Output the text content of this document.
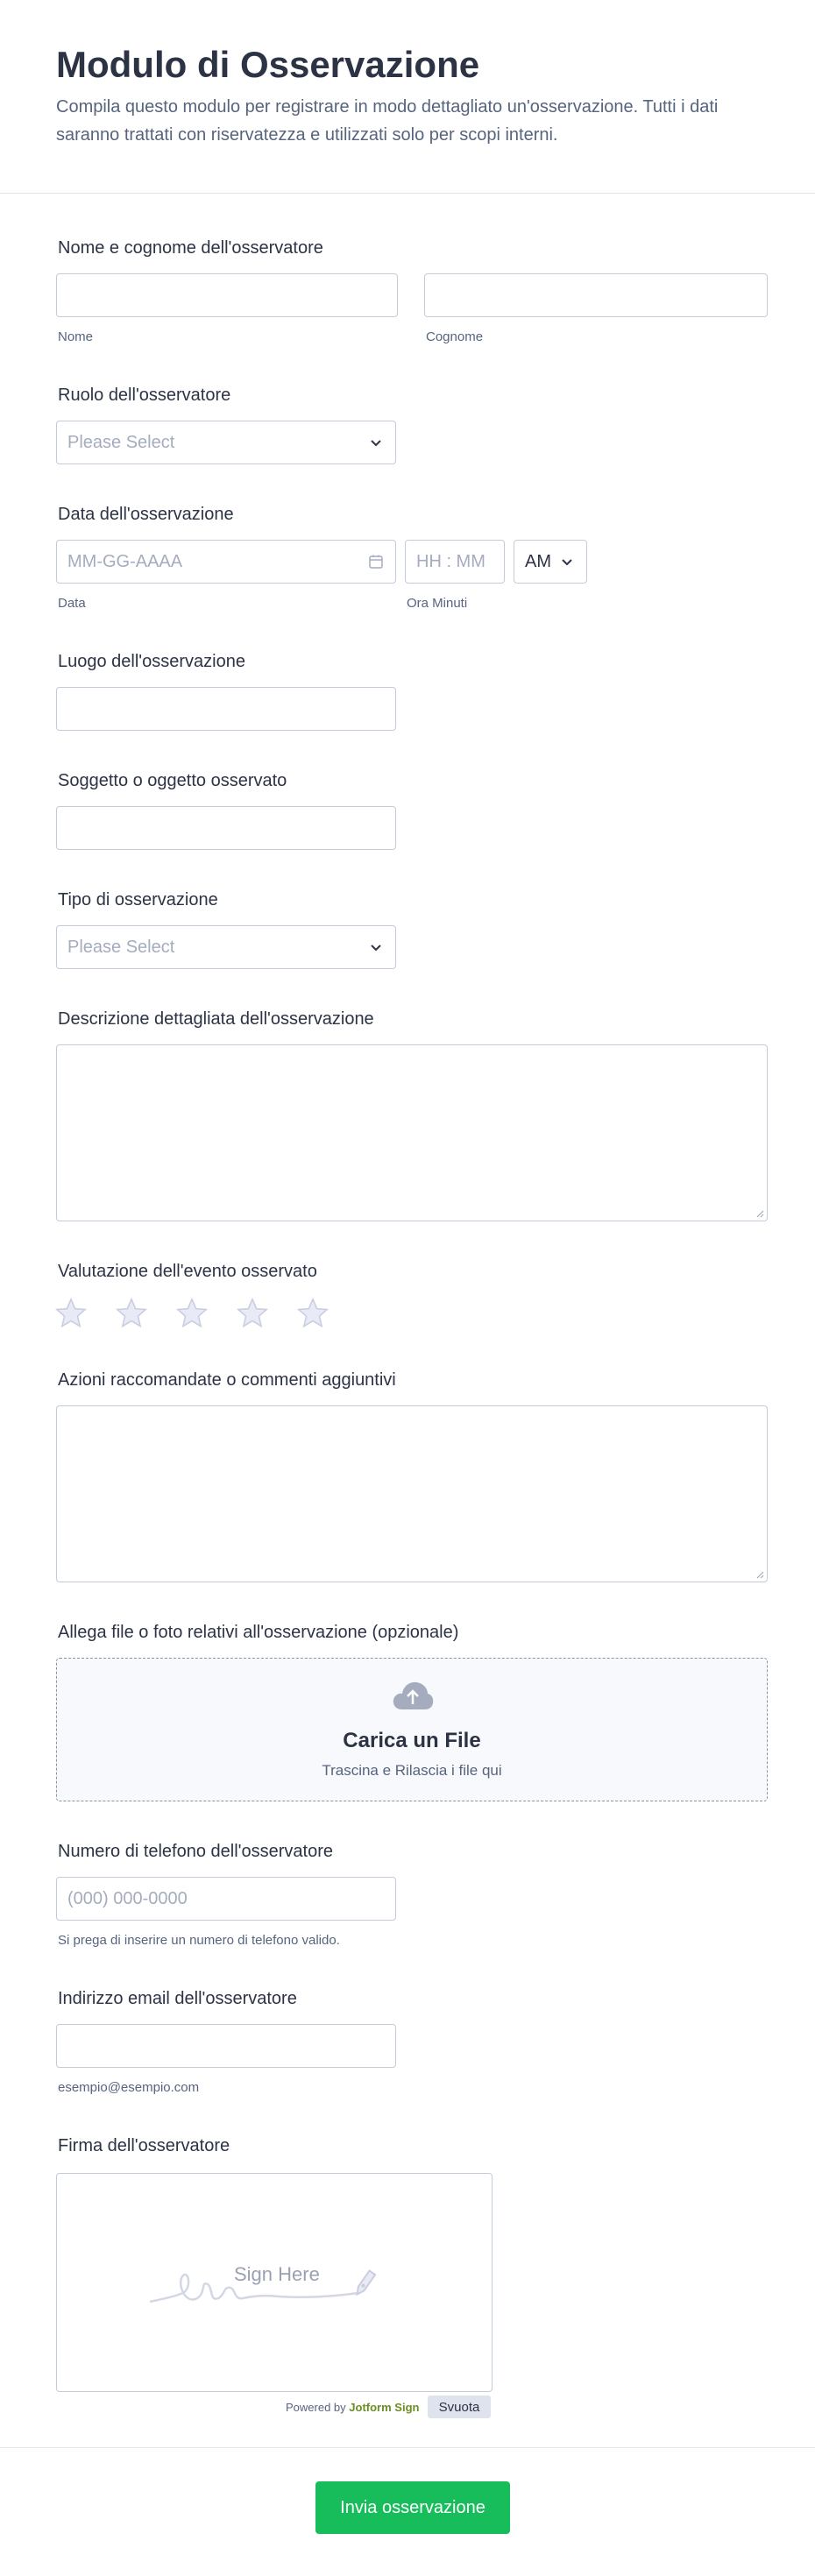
Modulo di Osservazione

Compila questo modulo per registrare in modo dettagliato un'osservazione. Tutti i dati saranno trattati con riservatezza e utilizzati solo per scopi interni.

Nome e cognome dell'osservatore
Nome	Cognome
Ruolo dell'osservatore
Please Select
Data dell'osservazione
MM-GG-AAAA
HH : MM
AM
Data	Ora Minuti
Luogo dell'osservazione
Soggetto o oggetto osservato
Tipo di osservazione
Please Select
Descrizione dettagliata dell'osservazione
Valutazione dell'evento osservato
Azioni raccomandate o commenti aggiuntivi
Allega file o foto relativi all'osservazione (opzionale)
Carica un File
Trascina e Rilascia i file qui
Numero di telefono dell'osservatore
(000) 000-0000
Si prega di inserire un numero di telefono valido.
Indirizzo email dell'osservatore
esempio@esempio.com
Firma dell'osservatore
Sign Here
Powered by Jotform Sign	Svuota
Invia osservazione
